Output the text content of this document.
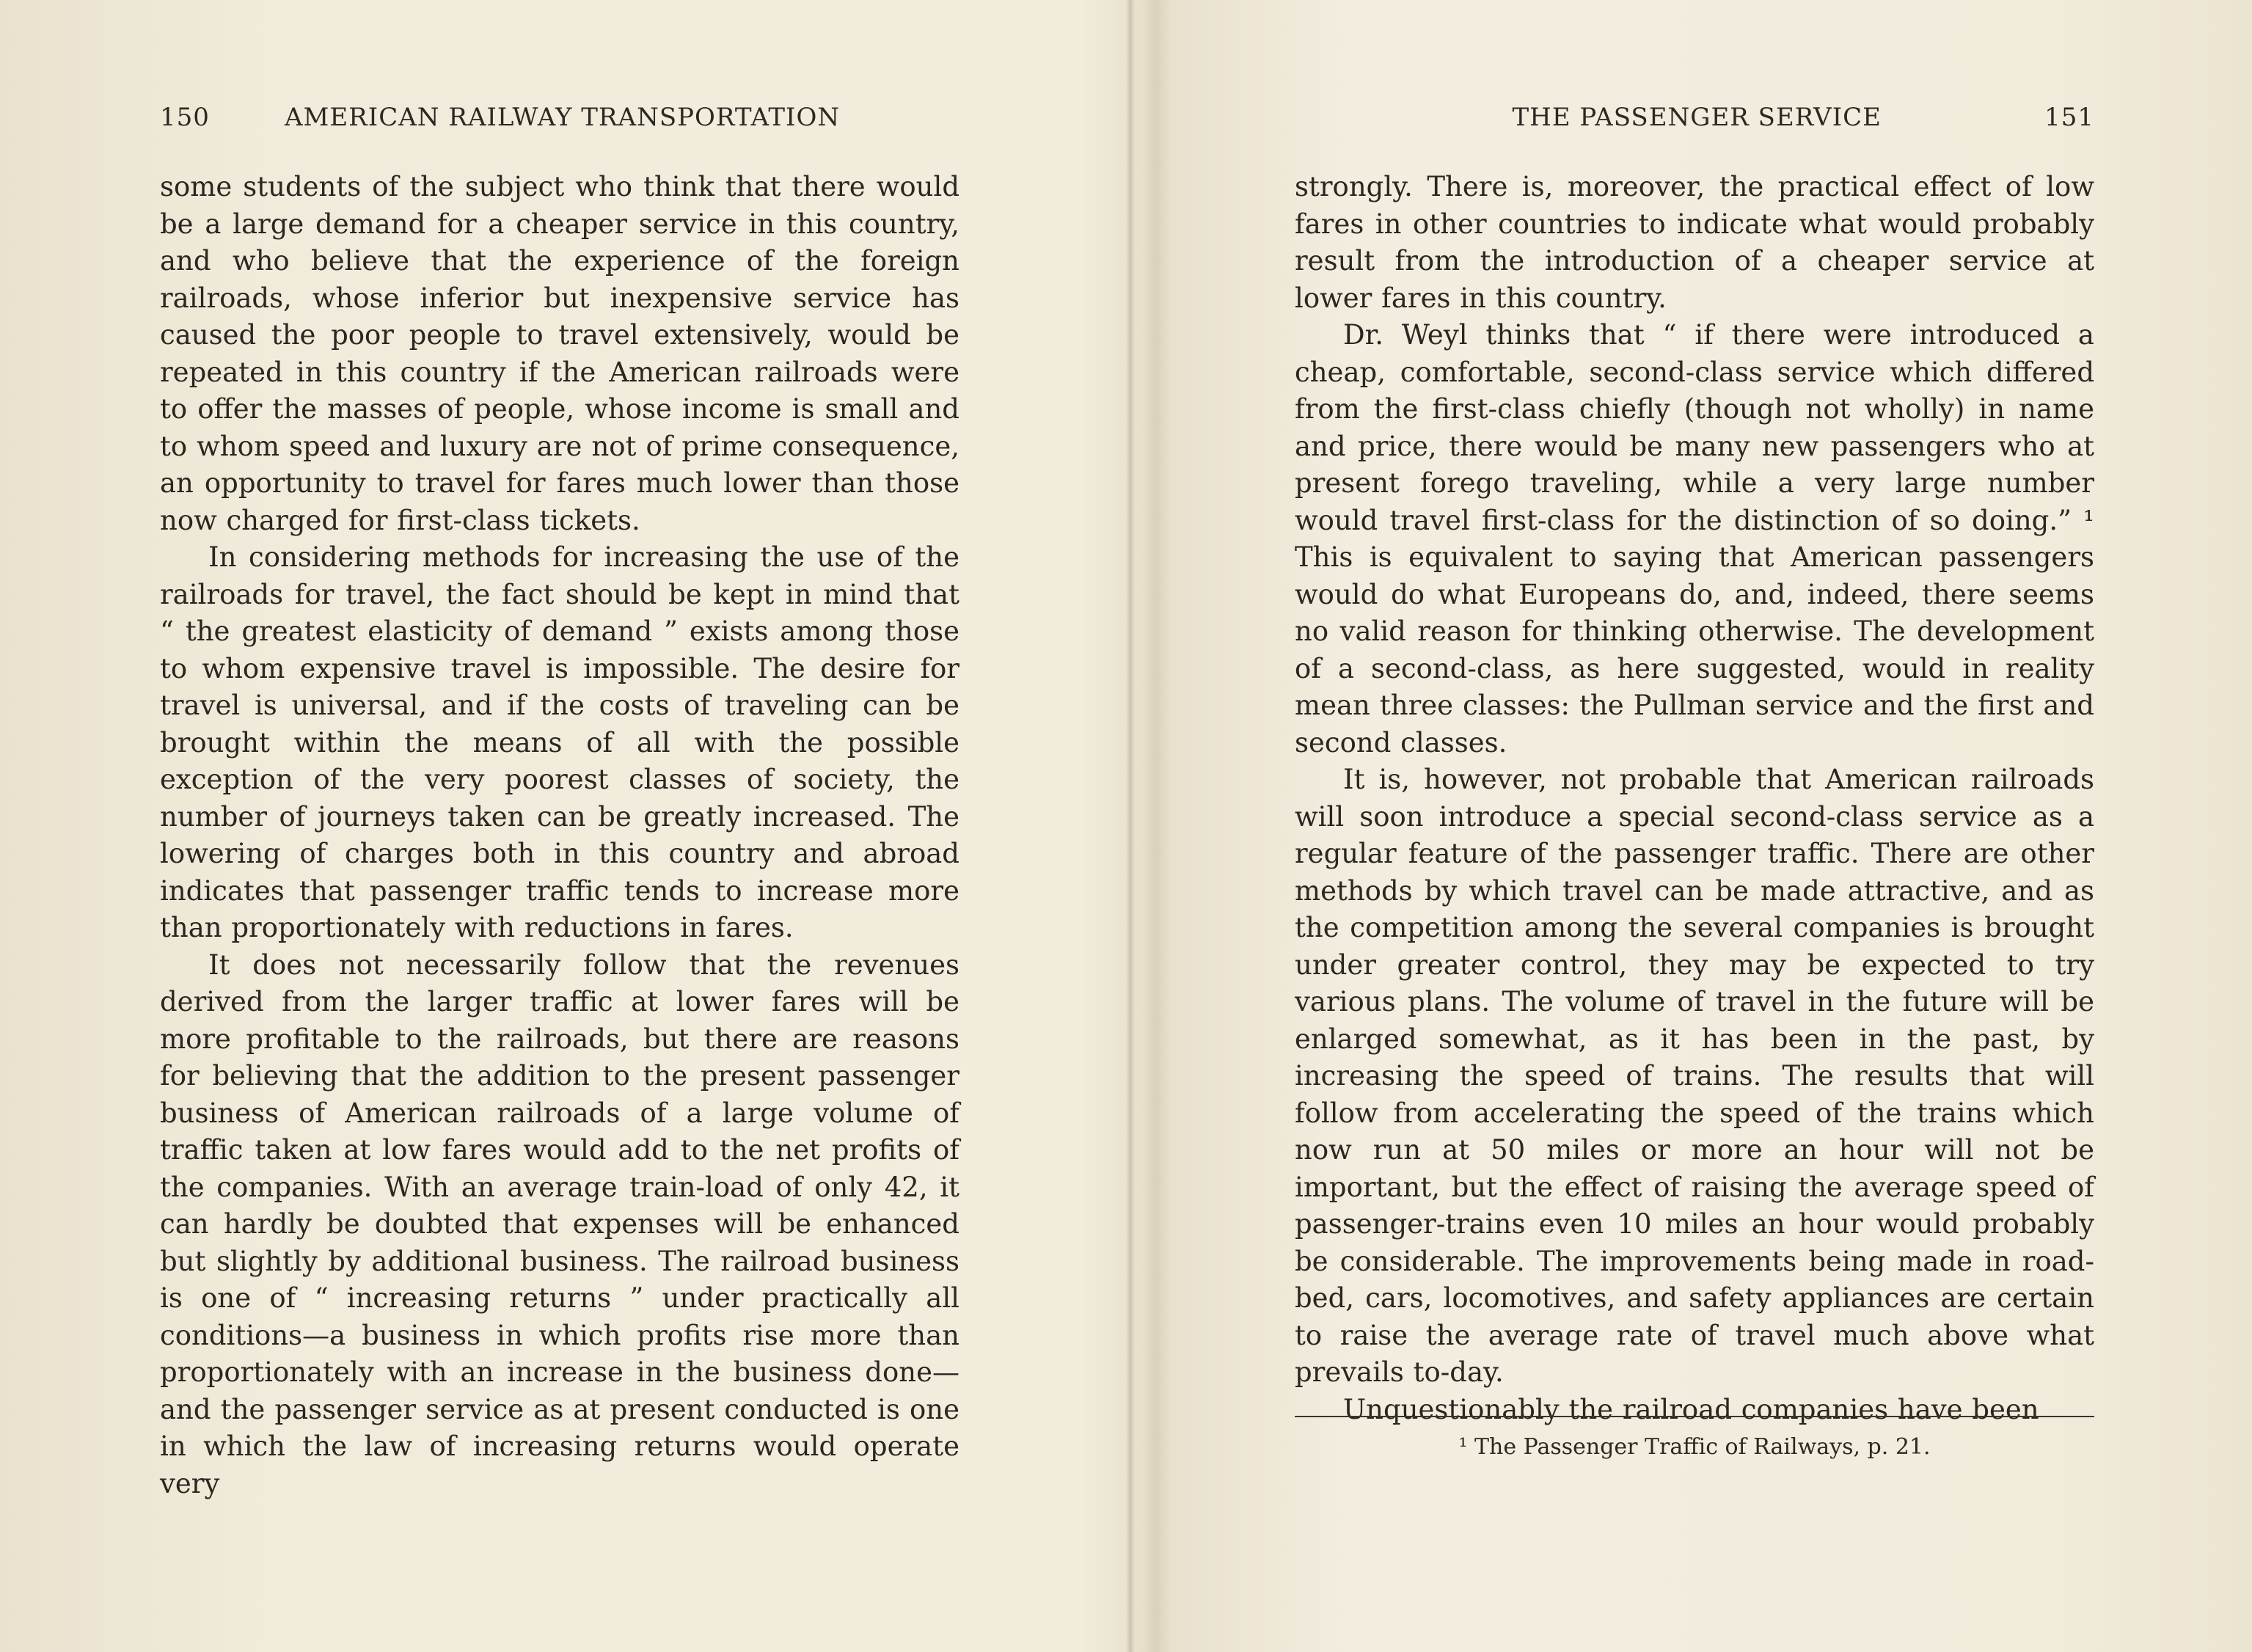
150	AMERICAN RAILWAY TRANSPORTATION

some students of the subject who think that there would be a large demand for a cheaper service in this country, and who believe that the experience of the foreign railroads, whose inferior but inexpensive service has caused the poor people to travel extensively, would be repeated in this country if the American railroads were to offer the masses of people, whose income is small and to whom speed and luxury are not of prime consequence, an opportunity to travel for fares much lower than those now charged for first-class tickets.

In considering methods for increasing the use of the railroads for travel, the fact should be kept in mind that “ the greatest elasticity of demand ” exists among those to whom expensive travel is impossible. The desire for travel is universal, and if the costs of traveling can be brought within the means of all with the possible exception of the very poorest classes of society, the number of journeys taken can be greatly increased. The lowering of charges both in this country and abroad indicates that passenger traffic tends to increase more than proportionately with reductions in fares.

It does not necessarily follow that the revenues derived from the larger traffic at lower fares will be more profitable to the railroads, but there are reasons for believing that the addition to the present passenger business of American railroads of a large volume of traffic taken at low fares would add to the net profits of the companies. With an average train-load of only 42, it can hardly be doubted that expenses will be enhanced but slightly by additional business. The railroad business is one of “ increasing returns ” under practically all conditions—a business in which profits rise more than proportionately with an increase in the business done—and the passenger service as at present conducted is one in which the law of increasing returns would operate very

THE PASSENGER SERVICE	151

strongly. There is, moreover, the practical effect of low fares in other countries to indicate what would probably result from the introduction of a cheaper service at lower fares in this country.

Dr. Weyl thinks that “ if there were introduced a cheap, comfortable, second-class service which differed from the first-class chiefly (though not wholly) in name and price, there would be many new passengers who at present forego traveling, while a very large number would travel first-class for the distinction of so doing.” ¹ This is equivalent to saying that American passengers would do what Europeans do, and, indeed, there seems no valid reason for thinking otherwise. The development of a second-class, as here suggested, would in reality mean three classes: the Pullman service and the first and second classes.

It is, however, not probable that American railroads will soon introduce a special second-class service as a regular feature of the passenger traffic. There are other methods by which travel can be made attractive, and as the competition among the several companies is brought under greater control, they may be expected to try various plans. The volume of travel in the future will be enlarged somewhat, as it has been in the past, by increasing the speed of trains. The results that will follow from accelerating the speed of the trains which now run at 50 miles or more an hour will not be important, but the effect of raising the average speed of passenger-trains even 10 miles an hour would probably be considerable. The improvements being made in road-bed, cars, locomotives, and safety appliances are certain to raise the average rate of travel much above what prevails to-day.

Unquestionably the railroad companies have been

¹ The Passenger Traffic of Railways, p. 21.
